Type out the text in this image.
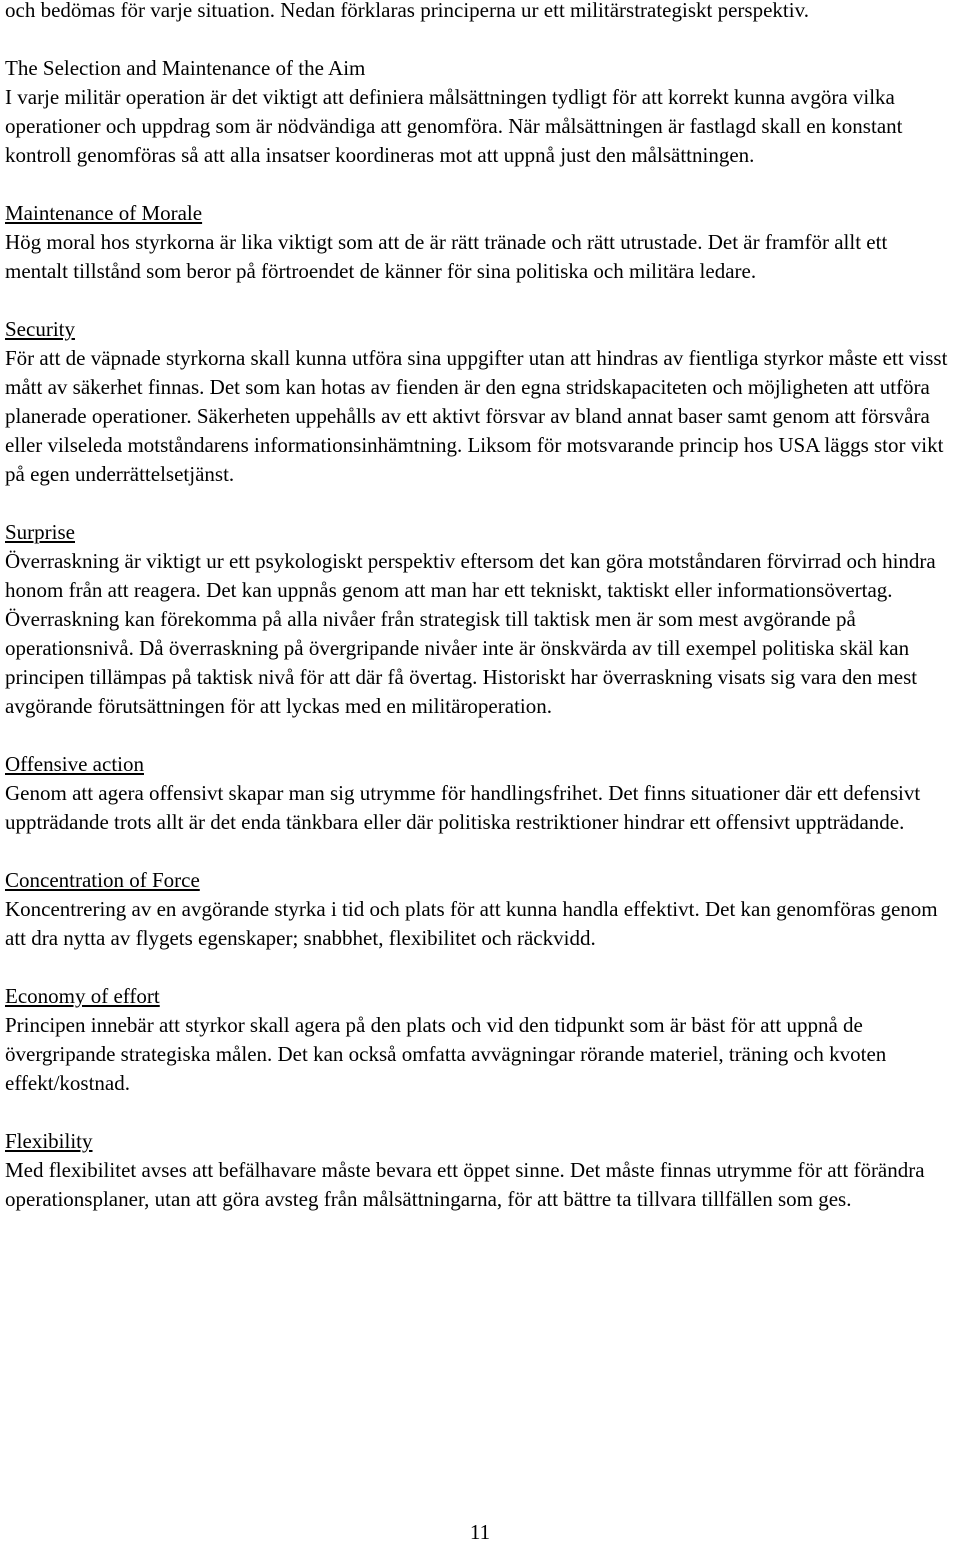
och bedömas för varje situation. Nedan förklaras principerna ur ett militärstrategiskt perspektiv.

The Selection and Maintenance of the Aim

I varje militär operation är det viktigt att definiera målsättningen tydligt för att korrekt kunna avgöra vilka operationer och uppdrag som är nödvändiga att genomföra. När målsättningen är fastlagd skall en konstant kontroll genomföras så att alla insatser koordineras mot att uppnå just den målsättningen.

Maintenance of Morale

Hög moral hos styrkorna är lika viktigt som att de är rätt tränade och rätt utrustade. Det är framför allt ett mentalt tillstånd som beror på förtroendet de känner för sina politiska och militära ledare.

Security

För att de väpnade styrkorna skall kunna utföra sina uppgifter utan att hindras av fientliga styrkor måste ett visst mått av säkerhet finnas. Det som kan hotas av fienden är den egna stridskapaciteten och möjligheten att utföra planerade operationer. Säkerheten uppehålls av ett aktivt försvar av bland annat baser samt genom att försvåra eller vilseleda motståndarens informationsinhämtning. Liksom för motsvarande princip hos USA läggs stor vikt på egen underrättelsetjänst.

Surprise

Överraskning är viktigt ur ett psykologiskt perspektiv eftersom det kan göra motståndaren förvirrad och hindra honom från att reagera. Det kan uppnås genom att man har ett tekniskt, taktiskt eller informationsövertag. Överraskning kan förekomma på alla nivåer från strategisk till taktisk men är som mest avgörande på operationsnivå. Då överraskning på övergripande nivåer inte är önskvärda av till exempel politiska skäl kan principen tillämpas på taktisk nivå för att där få övertag. Historiskt har överraskning visats sig vara den mest avgörande förutsättningen för att lyckas med en militäroperation.

Offensive action

Genom att agera offensivt skapar man sig utrymme för handlingsfrihet. Det finns situationer där ett defensivt uppträdande trots allt är det enda tänkbara eller där politiska restriktioner hindrar ett offensivt uppträdande.

Concentration of Force

Koncentrering av en avgörande styrka i tid och plats för att kunna handla effektivt. Det kan genomföras genom att dra nytta av flygets egenskaper; snabbhet, flexibilitet och räckvidd.

Economy of effort

Principen innebär att styrkor skall agera på den plats och vid den tidpunkt som är bäst för att uppnå de övergripande strategiska målen. Det kan också omfatta avvägningar rörande materiel, träning och kvoten effekt/kostnad.

Flexibility

Med flexibilitet avses att befälhavare måste bevara ett öppet sinne. Det måste finnas utrymme för att förändra operationsplaner, utan att göra avsteg från målsättningarna, för att bättre ta tillvara tillfällen som ges.

11
